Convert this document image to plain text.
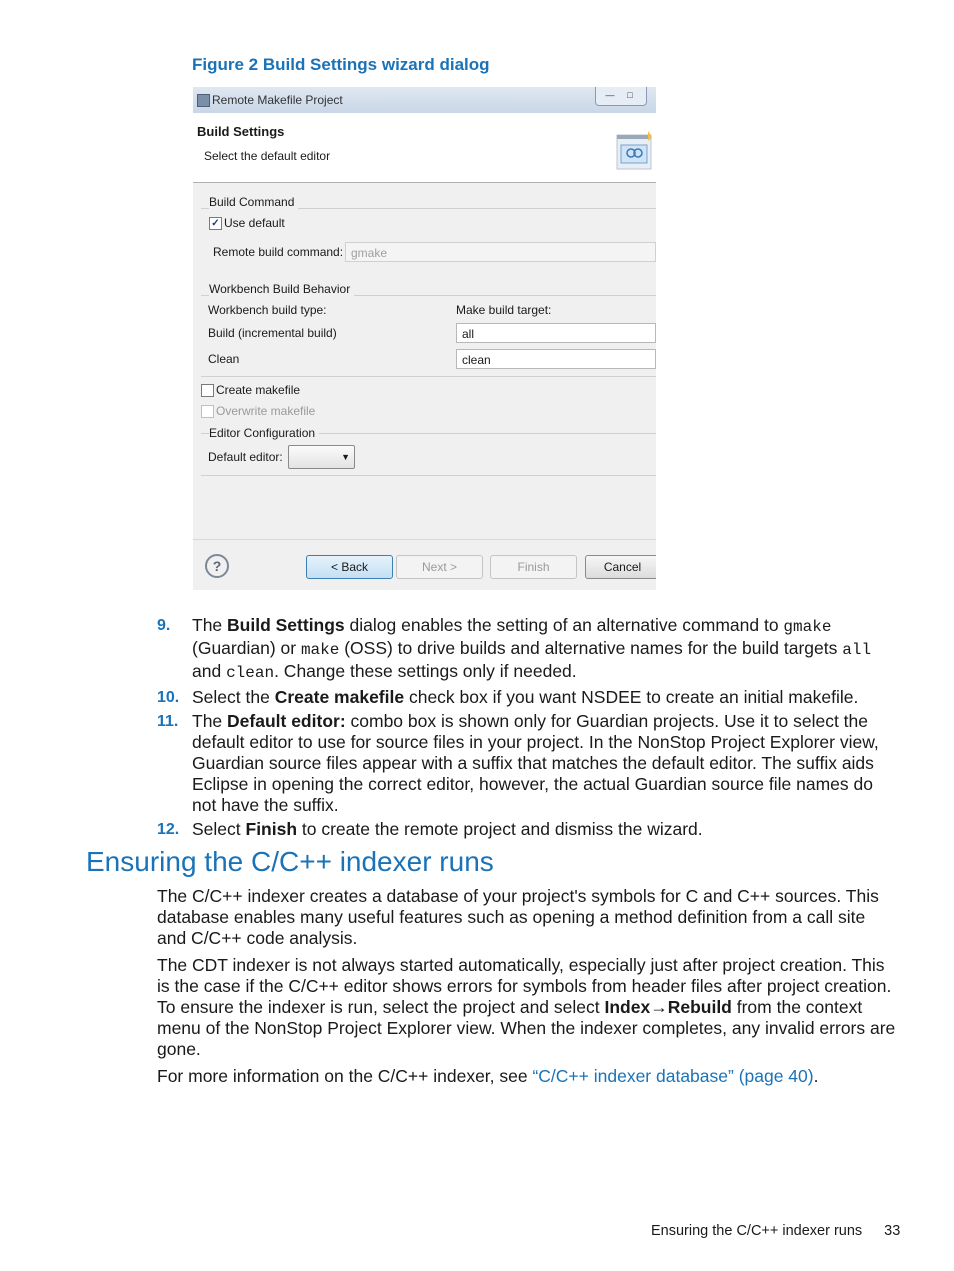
Figure 2 Build Settings wizard dialog
Remote Makefile Project	—	□
Build Settings
Select the default editor
Build Command
✓ Use default
Remote build command: gmake
Workbench Build Behavior
Workbench build type:	Make build target:
Build (incremental build)	all
Clean	clean
Create makefile
Overwrite makefile
Editor Configuration
Default editor:	▼
?	< Back	Next >	Finish	Cancel
9. The Build Settings dialog enables the setting of an alternative command to gmake (Guardian) or make (OSS) to drive builds and alternative names for the build targets all and clean. Change these settings only if needed.
10. Select the Create makefile check box if you want NSDEE to create an initial makefile.
11. The Default editor: combo box is shown only for Guardian projects. Use it to select the default editor to use for source files in your project. In the NonStop Project Explorer view, Guardian source files appear with a suffix that matches the default editor. The suffix aids Eclipse in opening the correct editor, however, the actual Guardian source file names do not have the suffix.
12. Select Finish to create the remote project and dismiss the wizard.
Ensuring the C/C++ indexer runs

The C/C++ indexer creates a database of your project's symbols for C and C++ sources. This database enables many useful features such as opening a method definition from a call site and C/C++ code analysis.

The CDT indexer is not always started automatically, especially just after project creation. This is the case if the C/C++ editor shows errors for symbols from header files after project creation. To ensure the indexer is run, select the project and select Index→Rebuild from the context menu of the NonStop Project Explorer view. When the indexer completes, any invalid errors are gone.

For more information on the C/C++ indexer, see “C/C++ indexer database” (page 40).

Ensuring the C/C++ indexer runs 33
